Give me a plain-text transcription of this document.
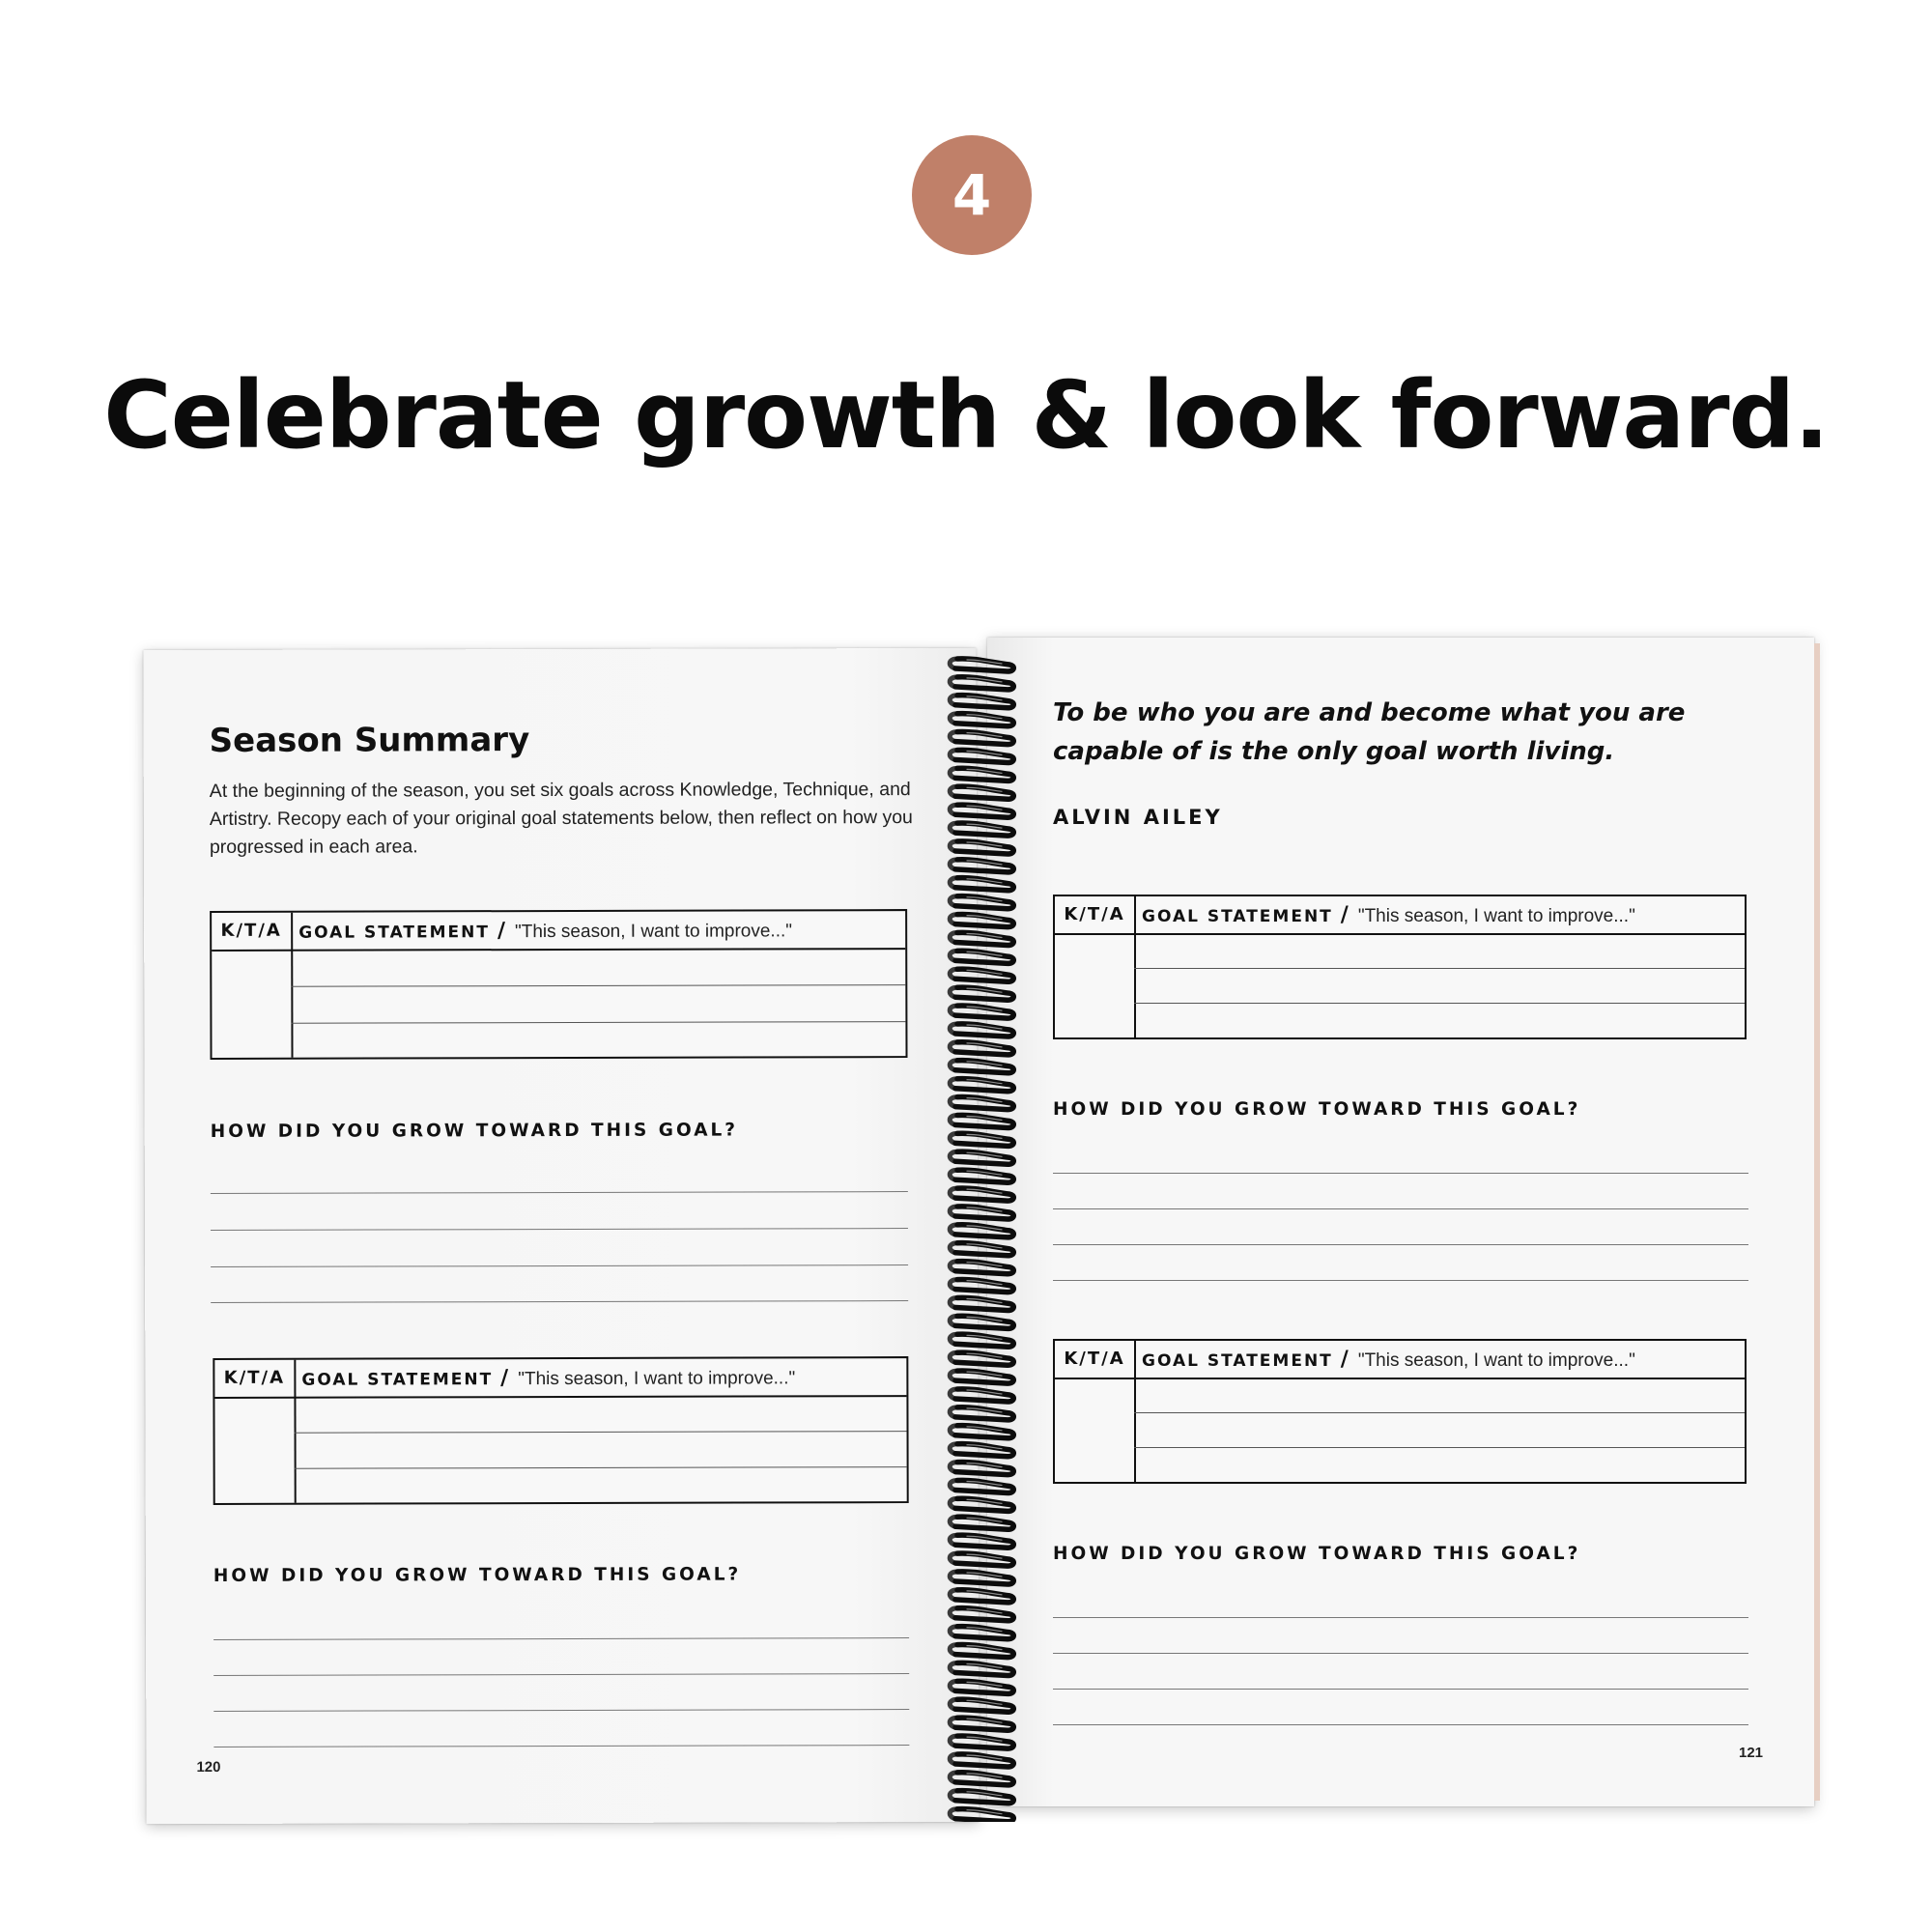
4
Celebrate growth & look forward.
Season Summary

At the beginning of the season, you set six goals across Knowledge, Technique, and Artistry. Recopy each of your original goal statements below, then reflect on how you progressed in each area.

K/T/A	GOAL STATEMENT / "This season, I want to improve..."
HOW DID YOU GROW TOWARD THIS GOAL?
K/T/A	GOAL STATEMENT / "This season, I want to improve..."
HOW DID YOU GROW TOWARD THIS GOAL?
120

To be who you are and become what you are

capable of is the only goal worth living.

ALVIN AILEY
K/T/A	GOAL STATEMENT / "This season, I want to improve..."
HOW DID YOU GROW TOWARD THIS GOAL?
K/T/A	GOAL STATEMENT / "This season, I want to improve..."
HOW DID YOU GROW TOWARD THIS GOAL?
121
